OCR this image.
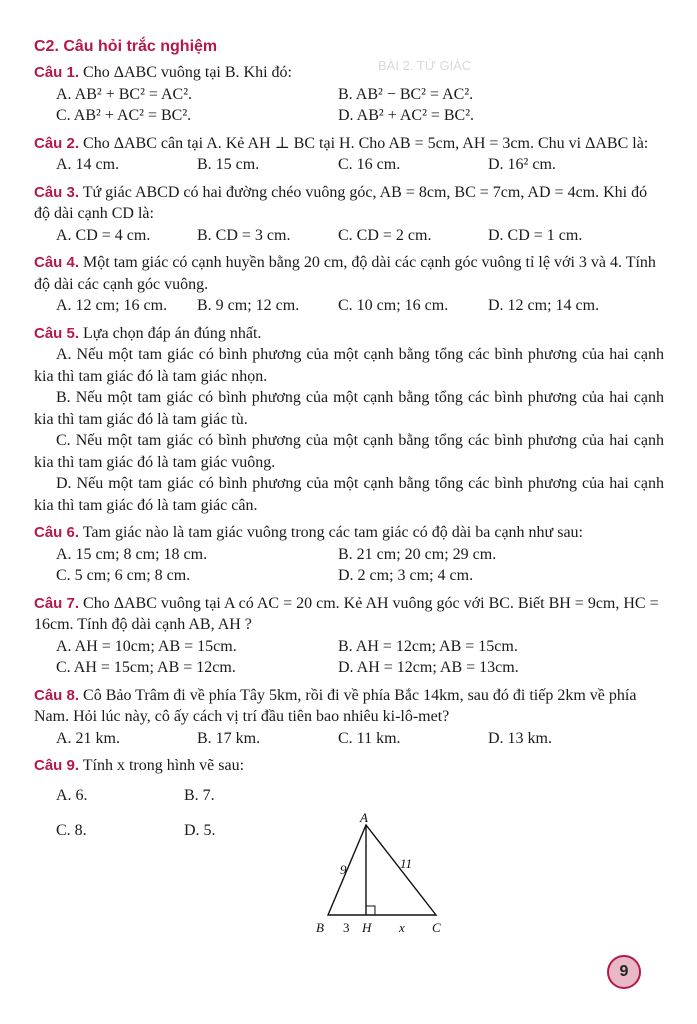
BÀI 2. TỨ GIÁC
C2. Câu hỏi trắc nghiệm

Câu 1. Cho ΔABC vuông tại B. Khi đó:

A. AB² + BC² = AC².	B. AB² − BC² = AC².
C. AB² + AC² = BC².	D. AB² + AC² = BC².

Câu 2. Cho ΔABC cân tại A. Kẻ AH ⊥ BC tại H. Cho AB = 5cm, AH = 3cm. Chu vi ΔABC là:

A. 14 cm.	B. 15 cm.	C. 16 cm.	D. 16² cm.

Câu 3. Tứ giác ABCD có hai đường chéo vuông góc, AB = 8cm, BC = 7cm, AD = 4cm. Khi đó độ dài cạnh CD là:

A. CD = 4 cm.	B. CD = 3 cm.	C. CD = 2 cm.	D. CD = 1 cm.

Câu 4. Một tam giác có cạnh huyền bằng 20 cm, độ dài các cạnh góc vuông tỉ lệ với 3 và 4. Tính độ dài các cạnh góc vuông.

A. 12 cm; 16 cm.	B. 9 cm; 12 cm.	C. 10 cm; 16 cm.	D. 12 cm; 14 cm.

Câu 5. Lựa chọn đáp án đúng nhất.

A. Nếu một tam giác có bình phương của một cạnh bằng tổng các bình phương của hai cạnh kia thì tam giác đó là tam giác nhọn.

B. Nếu một tam giác có bình phương của một cạnh bằng tổng các bình phương của hai cạnh kia thì tam giác đó là tam giác tù.

C. Nếu một tam giác có bình phương của một cạnh bằng tổng các bình phương của hai cạnh kia thì tam giác đó là tam giác vuông.

D. Nếu một tam giác có bình phương của một cạnh bằng tổng các bình phương của hai cạnh kia thì tam giác đó là tam giác cân.

Câu 6. Tam giác nào là tam giác vuông trong các tam giác có độ dài ba cạnh như sau:

A. 15 cm; 8 cm; 18 cm.	B. 21 cm; 20 cm; 29 cm.
C. 5 cm; 6 cm; 8 cm.	D. 2 cm; 3 cm; 4 cm.

Câu 7. Cho ΔABC vuông tại A có AC = 20 cm. Kẻ AH vuông góc với BC. Biết BH = 9cm, HC = 16cm. Tính độ dài cạnh AB, AH ?

A. AH = 10cm; AB = 15cm.	B. AH = 12cm; AB = 15cm.
C. AH = 15cm; AB = 12cm.	D. AH = 12cm; AB = 13cm.

Câu 8. Cô Bảo Trâm đi về phía Tây 5km, rồi đi về phía Bắc 14km, sau đó đi tiếp 2km về phía Nam. Hỏi lúc này, cô ấy cách vị trí đầu tiên bao nhiêu ki-lô-met?

A. 21 km.	B. 17 km.	C. 11 km.	D. 13 km.

Câu 9. Tính x trong hình vẽ sau:

A. 6.	B. 7.
C. 8.	D. 5.
A
B	H	C
9	11
3	x
9
